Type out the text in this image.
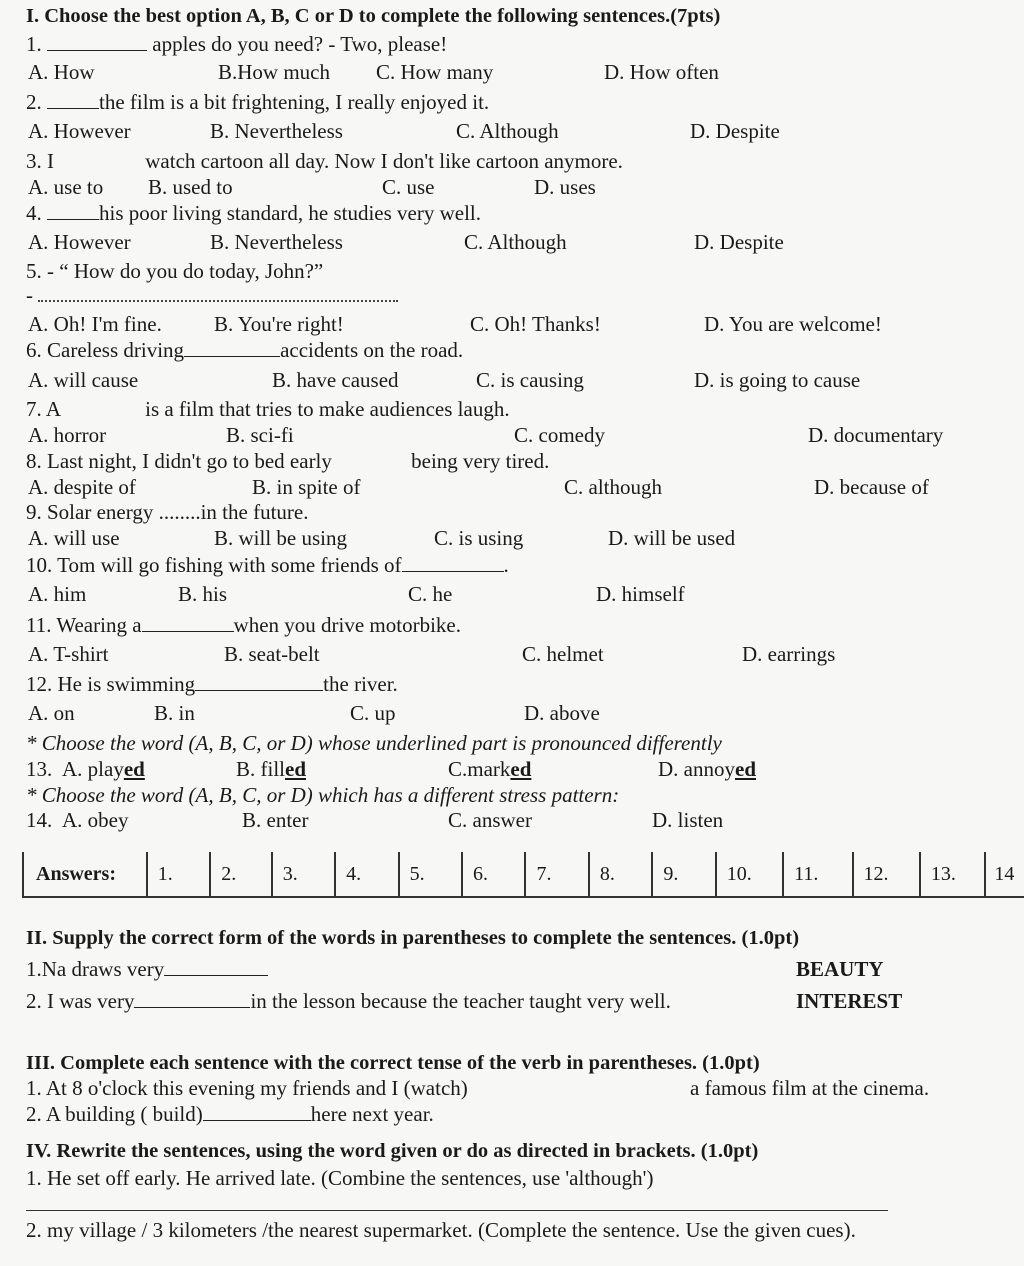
I. Choose the best option A, B, C or D to complete the following sentences.(7pts)
1.	apples do you need? - Two, please!
A. How	B.How much C. How many	D. How often
2.	the film is a bit frightening, I really enjoyed it.
A. However	B. Nevertheless	C. Although	D. Despite
3. I	watch cartoon all day. Now I don't like cartoon anymore.
A. use to B. used to	C. use	D. uses
4.	his poor living standard, he studies very well.
A. However	B. Nevertheless	C. Although	D. Despite
5. - “ How do you do today, John?”
-
A. Oh! I'm fine. B. You're right!	C. Oh! Thanks!	D. You are welcome!
6. Careless driving	accidents on the road.
A. will cause	B. have caused	C. is causing	D. is going to cause
7. A	is a film that tries to make audiences laugh.
A. horror	B. sci-fi	C. comedy	D. documentary
8. Last night, I didn't go to bed early	being very tired.
A. despite of	B. in spite of	C. although	D. because of
9. Solar energy ........in the future.
A. will use	B. will be using	C. is using	D. will be used
10. Tom will go fishing with some friends of	.
A. him	B. his	C. he	D. himself
11. Wearing a	when you drive motorbike.
A. T-shirt	B. seat-belt	C. helmet	D. earrings
12. He is swimming	the river.
A. on	B. in	C. up	D. above
* Choose the word (A, B, C, or D) whose underlined part is pronounced differently
13. A. played	B. filled	C.marked	D. annoyed
* Choose the word (A, B, C, or D) which has a different stress pattern:
14. A. obey	B. enter	C. answer	D. listen
Answers:	1.	2.	3.	4.	5.	6.	7.	8.	9.	10.	11.	12.	13.	14
II. Supply the correct form of the words in parentheses to complete the sentences. (1.0pt)
1.Na draws very	BEAUTY
2. I was very	in the lesson because the teacher taught very well.	INTEREST
III. Complete each sentence with the correct tense of the verb in parentheses. (1.0pt)
1. At 8 o'clock this evening my friends and I (watch)	a famous film at the cinema.
2. A building ( build)	here next year.
IV. Rewrite the sentences, using the word given or do as directed in brackets. (1.0pt)
1. He set off early. He arrived late. (Combine the sentences, use 'although')
2. my village / 3 kilometers /the nearest supermarket. (Complete the sentence. Use the given cues).
